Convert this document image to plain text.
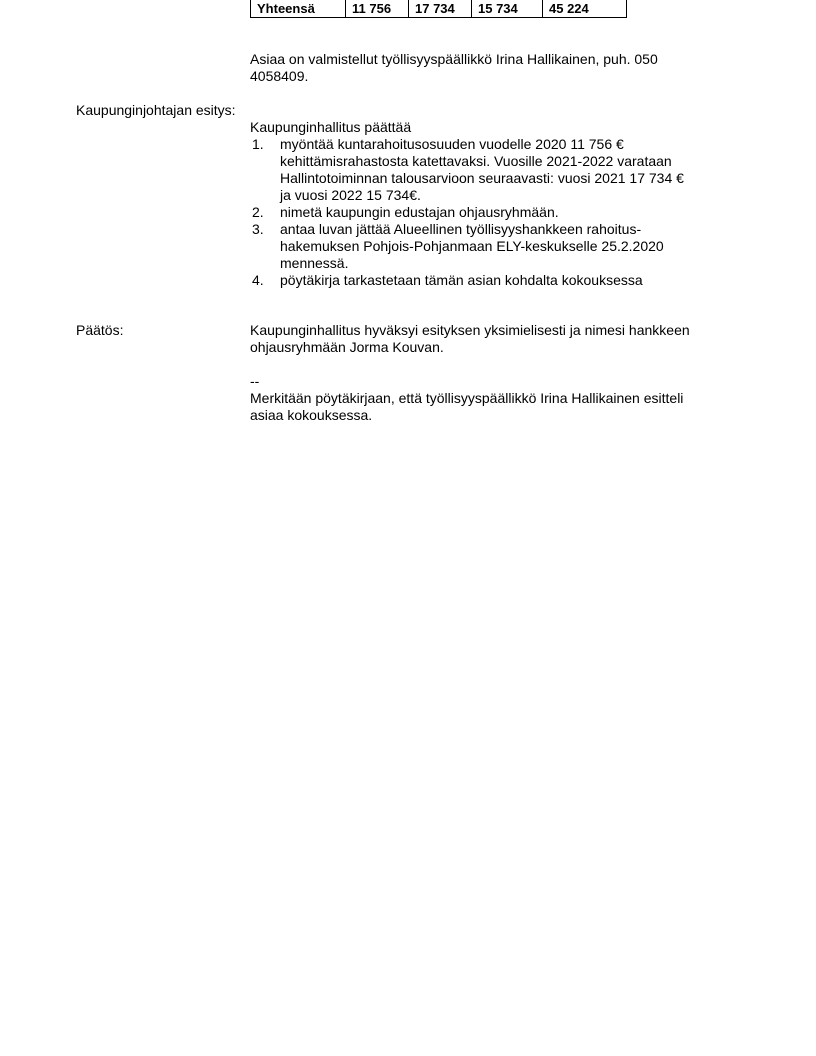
Yhteensä	11 756	17 734	15 734	45 224

Asiaa on valmistellut työllisyyspäällikkö Irina Hallikainen, puh. 050 4058409.

Kaupunginjohtajan esitys:

Kaupunginhallitus päättää

1. myöntää kuntarahoitusosuuden vuodelle 2020 11 756 € kehittämisrahastosta katettavaksi. Vuosille 2021-2022 varataan Hallintotoiminnan talousarvioon seuraavasti: vuosi 2021 17 734 € ja vuosi 2022 15 734€.
2. nimetä kaupungin edustajan ohjausryhmään.
3. antaa luvan jättää Alueellinen työllisyyshankkeen rahoitus-hakemuksen Pohjois-Pohjanmaan ELY-keskukselle 25.2.2020 mennessä.
4. pöytäkirja tarkastetaan tämän asian kohdalta kokouksessa
Päätös:	Kaupunginhallitus hyväksyi esityksen yksimielisesti ja nimesi hankkeen ohjausryhmään Jorma Kouvan.

--

Merkitään pöytäkirjaan, että työllisyyspäällikkö Irina Hallikainen esitteli asiaa kokouksessa.
